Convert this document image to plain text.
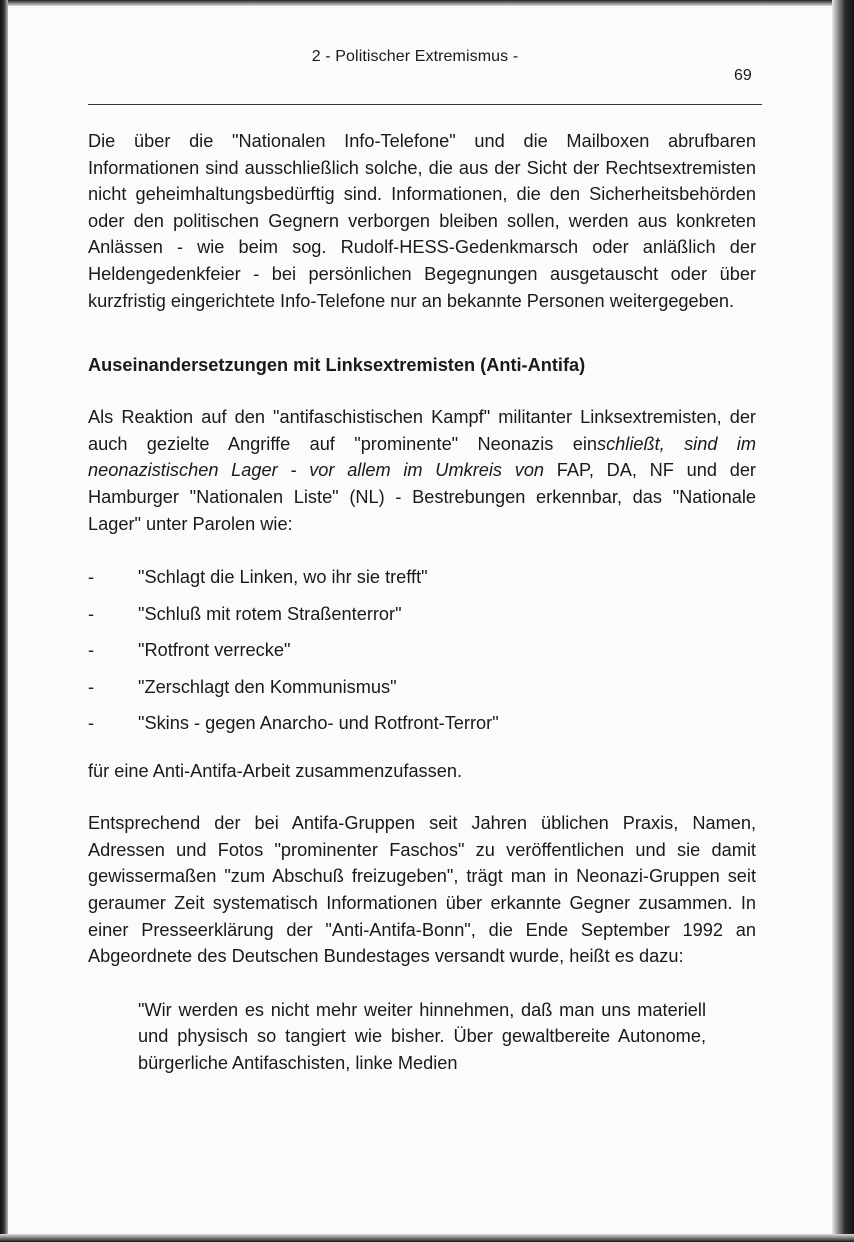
2 - Politischer Extremismus -
69

Die über die "Nationalen Info-Telefone" und die Mailboxen abrufbaren Informationen sind ausschließlich solche, die aus der Sicht der Rechtsextremisten nicht geheimhaltungsbedürftig sind. Informationen, die den Sicherheitsbehörden oder den politischen Gegnern verborgen bleiben sollen, werden aus konkreten Anlässen - wie beim sog. Rudolf-HESS-Gedenkmarsch oder anläßlich der Heldengedenkfeier - bei persönlichen Begegnungen ausgetauscht oder über kurzfristig eingerichtete Info-Telefone nur an bekannte Personen weitergegeben.

Auseinandersetzungen mit Linksextremisten (Anti-Antifa)

Als Reaktion auf den "antifaschistischen Kampf" militanter Linksextremisten, der auch gezielte Angriffe auf "prominente" Neonazis einschließt, sind im neonazistischen Lager - vor allem im Umkreis von FAP, DA, NF und der Hamburger "Nationalen Liste" (NL) - Bestrebungen erkennbar, das "Nationale Lager" unter Parolen wie:

- "Schlagt die Linken, wo ihr sie trefft"
- "Schluß mit rotem Straßenterror"
- "Rotfront verrecke"
- "Zerschlagt den Kommunismus"
- "Skins - gegen Anarcho- und Rotfront-Terror"

für eine Anti-Antifa-Arbeit zusammenzufassen.

Entsprechend der bei Antifa-Gruppen seit Jahren üblichen Praxis, Namen, Adressen und Fotos "prominenter Faschos" zu veröffentlichen und sie damit gewissermaßen "zum Abschuß freizugeben", trägt man in Neonazi-Gruppen seit geraumer Zeit systematisch Informationen über erkannte Gegner zusammen. In einer Presseerklärung der "Anti-Antifa-Bonn", die Ende September 1992 an Abgeordnete des Deutschen Bundestages versandt wurde, heißt es dazu:

"Wir werden es nicht mehr weiter hinnehmen, daß man uns materiell und physisch so tangiert wie bisher. Über gewaltbereite Autonome, bürgerliche Antifaschisten, linke Medien
